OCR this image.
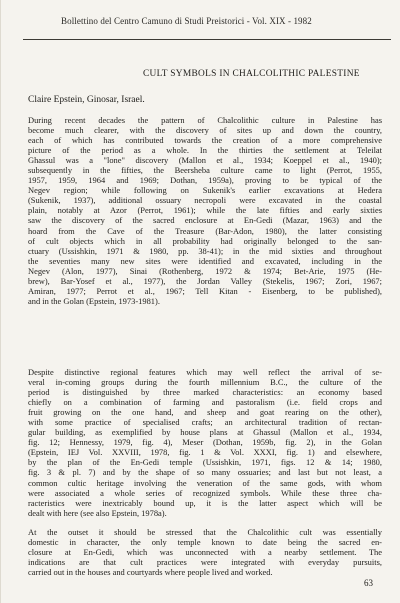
Bollettino del Centro Camuno di Studi Preistorici - Vol. XIX - 1982
CULT SYMBOLS IN CHALCOLITHIC PALESTINE
Claire Epstein, Ginosar, Israel.
During recent decades the pattern of Chalcolithic culture in Palestine has
become much clearer, with the discovery of sites up and down the country,
each of which has contributed towards the creation of a more comprehensive
picture of the period as a whole. In the thirties the settlement at Teleilat
Ghassul was a "lone" discovery (Mallon et al., 1934; Koeppel et al., 1940);
subsequently in the fifties, the Beersheba culture came to light (Perrot, 1955,
1957, 1959, 1964 and 1969; Dothan, 1959a), proving to be typical of the
Negev region; while following on Sukenik's earlier excavations at Hedera
(Sukenik, 1937), additional ossuary necropoli were excavated in the coastal
plain, notably at Azor (Perrot, 1961); while the late fifties and early sixties
saw the discovery of the sacred enclosure at En-Gedi (Mazar, 1963) and the
hoard from the Cave of the Treasure (Bar-Adon, 1980), the latter consisting
of cult objects which in all probability had originally belonged to the san-
ctuary (Ussishkin, 1971 & 1980, pp. 38-41); in the mid sixties and throughout
the seventies many new sites were identified and excavated, including in the
Negev (Alon, 1977), Sinai (Rothenberg, 1972 & 1974; Bet-Arie, 1975 (He-
brew), Bar-Yosef et al., 1977), the Jordan Valley (Stekelis, 1967; Zori, 1967;
Amiran, 1977; Perrot et al., 1967; Tell Kitan - Eisenberg, to be published),
and in the Golan (Epstein, 1973-1981).
Despite distinctive regional features which may well reflect the arrival of se-
veral in-coming groups during the fourth millennium B.C., the culture of the
period is distinguished by three marked characteristics: an economy based
chiefly on a combination of farming and pastoralism (i.e. field crops and
fruit growing on the one hand, and sheep and goat rearing on the other),
with some practice of specialised crafts; an architectural tradition of rectan-
gular building, as exemplified by house plans at Ghassul (Mallon et al., 1934,
fig. 12; Hennessy, 1979, fig. 4), Meser (Dothan, 1959b, fig. 2), in the Golan
(Epstein, IEJ Vol. XXVIII, 1978, fig. 1 & Vol. XXXI, fig. 1) and elsewhere,
by the plan of the En-Gedi temple (Ussishkin, 1971, figs. 12 & 14; 1980,
fig. 3 & pl. 7) and by the shape of so many ossuaries; and last but not least, a
common cultic heritage involving the veneration of the same gods, with whom
were associated a whole series of recognized symbols. While these three cha-
racteristics were inextricably bound up, it is the latter aspect which will be
dealt with here (see also Epstein, 1978a).
At the outset it should be stressed that the Chalcolithic cult was essentially
domestic in character, the only temple known to date being the sacred en-
closure at En-Gedi, which was unconnected with a nearby settlement. The
indications are that cult practices were integrated with everyday pursuits,
carried out in the houses and courtyards where people lived and worked.
63
